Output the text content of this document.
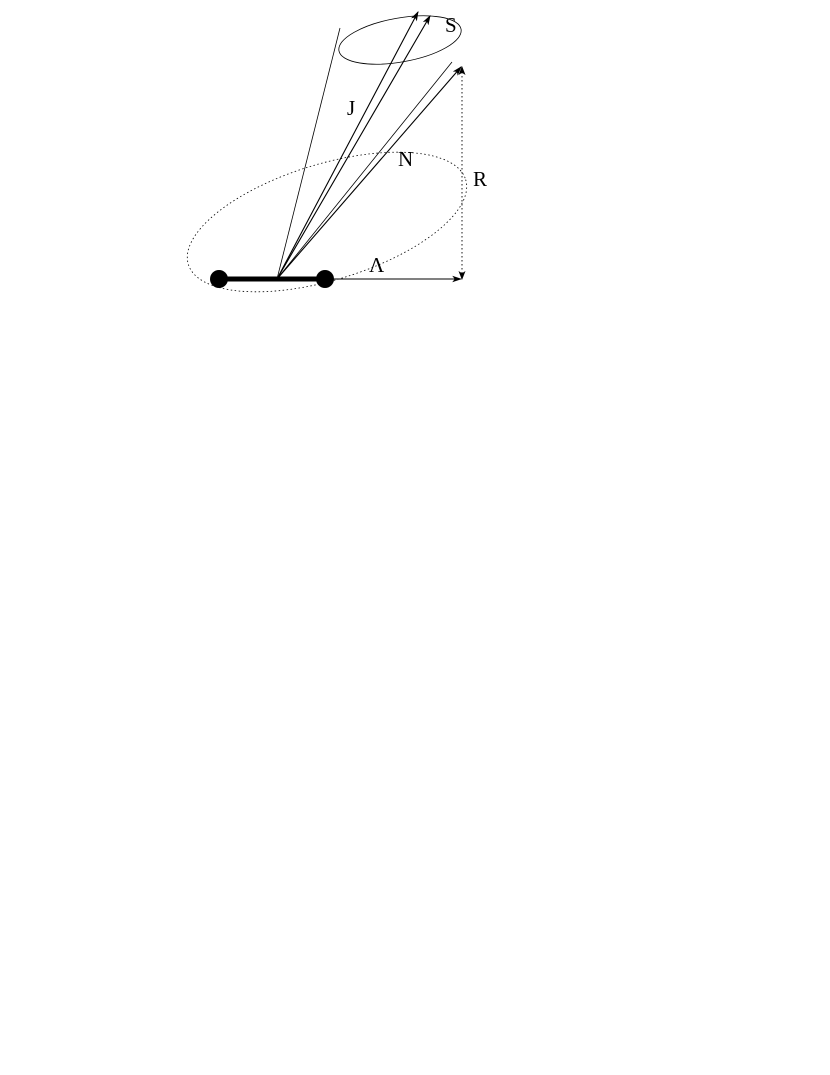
S
J
N
R
Λ
